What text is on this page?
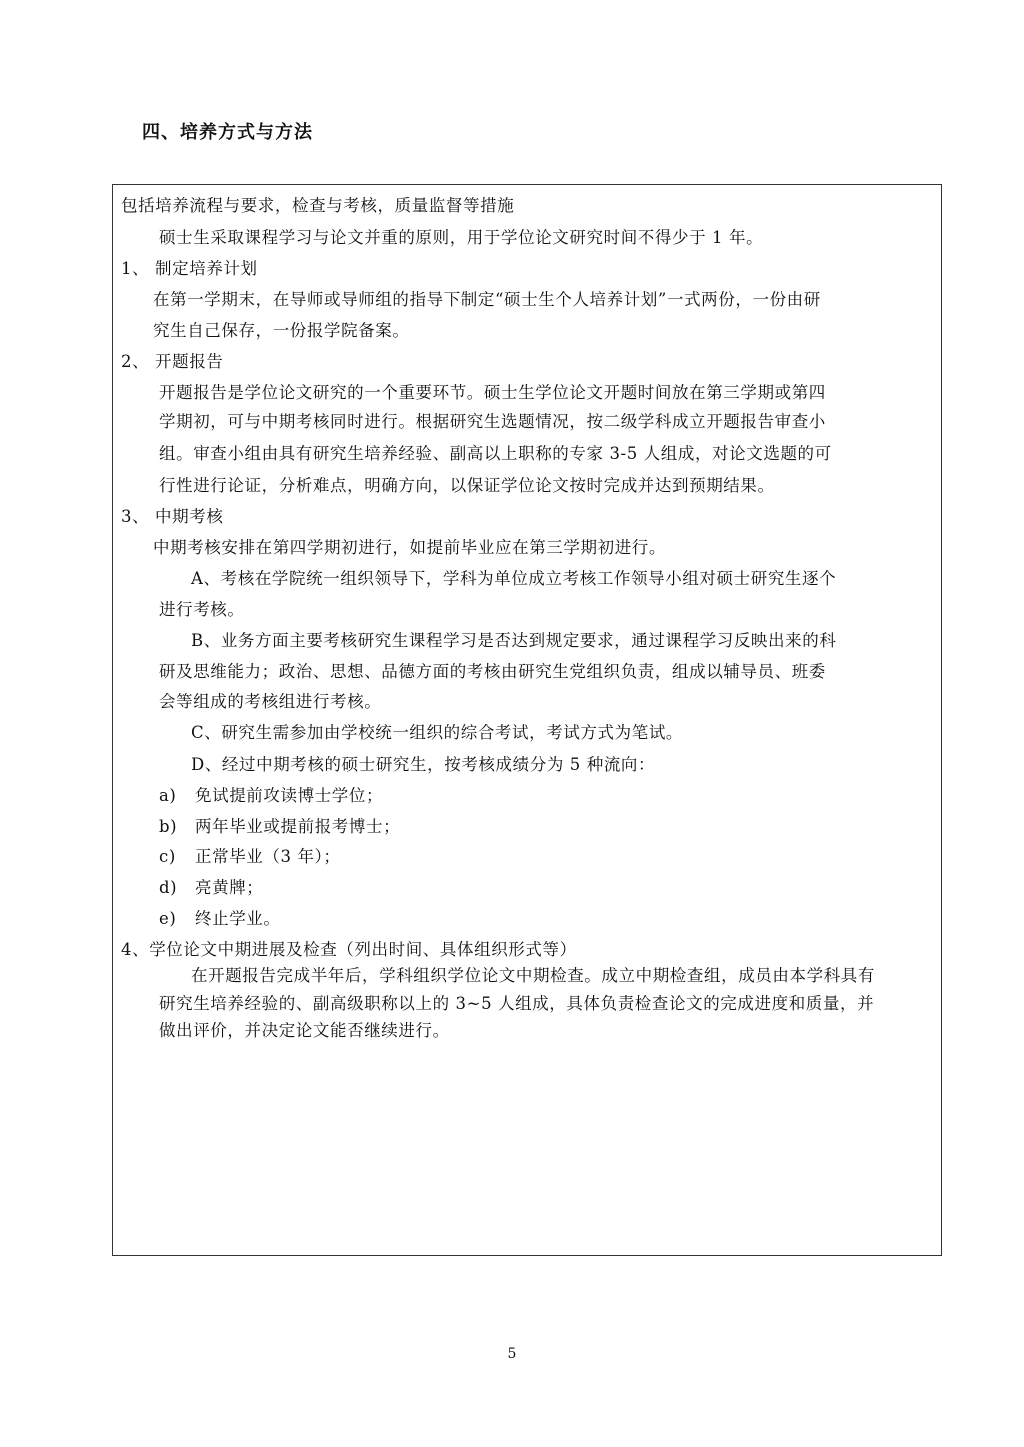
四、培养方式与方法
包括培养流程与要求，检查与考核，质量监督等措施
硕士生采取课程学习与论文并重的原则，用于学位论文研究时间不得少于 1 年。
1、 制定培养计划
在第一学期末，在导师或导师组的指导下制定“硕士生个人培养计划”一式两份，一份由研
究生自己保存，一份报学院备案。
2、 开题报告
开题报告是学位论文研究的一个重要环节。硕士生学位论文开题时间放在第三学期或第四
学期初，可与中期考核同时进行。根据研究生选题情况，按二级学科成立开题报告审查小
组。审查小组由具有研究生培养经验、副高以上职称的专家 3-5 人组成，对论文选题的可
行性进行论证，分析难点，明确方向，以保证学位论文按时完成并达到预期结果。
3、 中期考核
中期考核安排在第四学期初进行，如提前毕业应在第三学期初进行。
A、考核在学院统一组织领导下，学科为单位成立考核工作领导小组对硕士研究生逐个
进行考核。
B、业务方面主要考核研究生课程学习是否达到规定要求，通过课程学习反映出来的科
研及思维能力；政治、思想、品德方面的考核由研究生党组织负责，组成以辅导员、班委
会等组成的考核组进行考核。
C、研究生需参加由学校统一组织的综合考试，考试方式为笔试。
D、经过中期考核的硕士研究生，按考核成绩分为 5 种流向：
a) 免试提前攻读博士学位；
b) 两年毕业或提前报考博士；
c) 正常毕业（3 年）；
d) 亮黄牌；
e) 终止学业。
4、学位论文中期进展及检查（列出时间、具体组织形式等）
在开题报告完成半年后，学科组织学位论文中期检查。成立中期检查组，成员由本学科具有
研究生培养经验的、副高级职称以上的 3~5 人组成，具体负责检查论文的完成进度和质量，并
做出评价，并决定论文能否继续进行。
5
